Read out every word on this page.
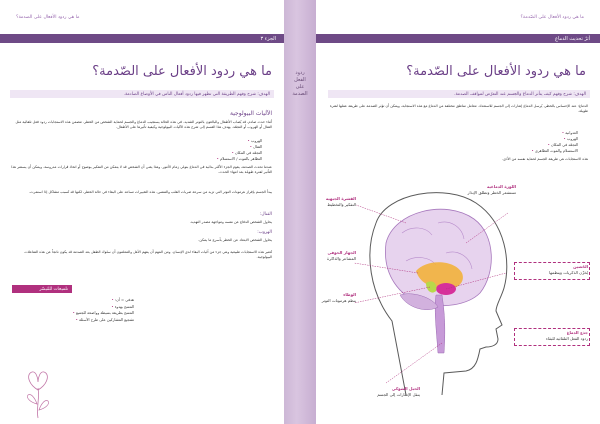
ما هي ردود الأفعال على الصدمة؟
الجزء ٣
ما هي ردود الأفعال على الصّدمة؟
الهدف: شرح وفهم الطريقة التي تظهر فيها ردود أفعال الناس في الأوضاع الصادمة.
الآليات البيولوجية
أثناء حدث صادم، قد يُصاب الأطفال والبالغون بالتوتر الشديد. في هذه الحالة يستجيب الدماغ والجسم لحماية الشخص من الخطر. تتضمن هذه الاستجابات ردود فعل تلقائية مثل القتال أو الهروب أو التجمّد. يهدف هذا القسم إلى شرح هذه الآليات البيولوجية وكيفية تأثيرها على الأطفال.
الهروب •
القتال •
التجمّد في المكان •
التظاهر بالموت / الاستسلام •
عندما تحدث الصدمة، يقوم الجزء الأكثر بدائية في الدماغ بتولي زمام الأمور. وهذا يعني أن الشخص قد لا يتمكن من التفكير بوضوح أو اتخاذ قرارات مدروسة. ويمكن أن يستمر هذا التأثير لفترة طويلة بعد انتهاء الحدث.
يبدأ الجسم بإفراز هرمونات التوتر التي تزيد من سرعة ضربات القلب والتنفس. هذه التغييرات تساعد على البقاء في حالة الخطر، لكنها قد تُسبب مشاكل إذا استمرت.
القتال:
يحاول الشخص الدفاع عن نفسه ومواجهة مصدر التهديد.
الهروب:
يحاول الشخص الابتعاد عن الخطر بأسرع ما يمكن.
تُعتبر هذه الاستجابات طبيعية وهي جزء من آليات البقاء لدى الإنسان. ومن المهم أن يفهم الأهل والمعلمون أن سلوك الطفل بعد الصدمة قد يكون ناتجاً عن هذه التفاعلات البيولوجية.
تلميحات للمُيسّر
هدفي = أن: •
المسح بهدوء •
المسح بطريقة بسيطة وواضحة للجميع •
تشجيع المشاركين على طرح الأسئلة •
ردود الفعل على الصدمة
ما هي ردود الأفعال على الصّدمة؟
أثرُ تحديث الدماغ
ما هي ردود الأفعال على الصّدمة؟
الهدف: شرح وفهم كيف يتأثر الدماغ والجسم عند التعرّض لمواقف الصدمة.
الدماغ: عند الإحساس بالخطر، يُرسل الدماغ إشارات إلى الجسم للاستعداد. تتعامل مناطق مختلفة من الدماغ مع هذه الاستجابة، ويمكن أن تؤثر الصدمة على طريقة عملها لفترة طويلة.
العدوانية •
الهروب •
التجمّد في المكان •
الاستسلام والموت التظاهري •
هذه الاستجابات هي طريقة الجسم لحماية نفسه من الأذى.
القشرة الجبهية
التفكير والتخطيط
الجهاز الحوفي
المشاعر والذاكرة
الوطاء
ينظم هرمونات التوتر
الحبل الشوكي
ينقل الإشارات إلى الجسم
اللوزة الدماغية
تستشعر الخطر وتطلق الإنذار
الحُصين
يُخزّن الذكريات وينظمها
جذع الدماغ
ردود الفعل التلقائية للبقاء
